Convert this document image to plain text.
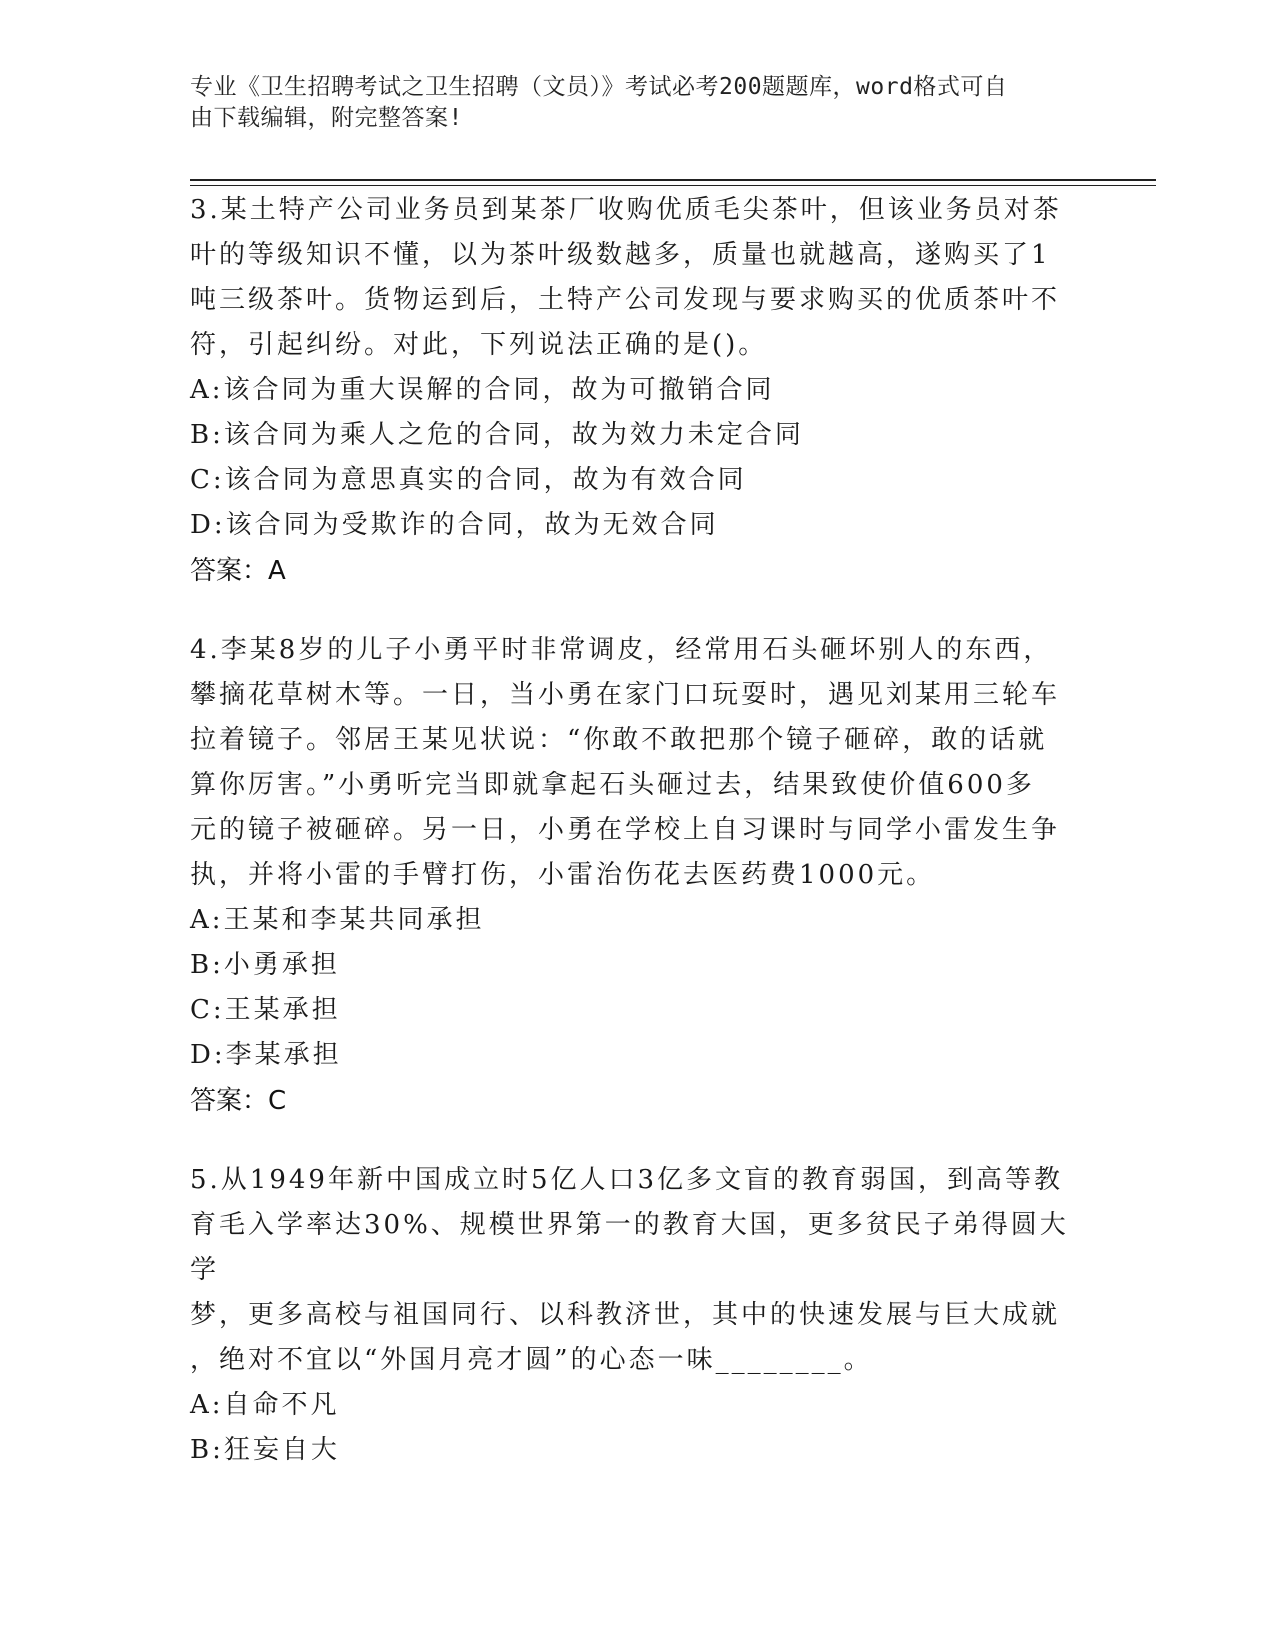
专业《卫生招聘考试之卫生招聘（文员）》考试必考200题题库，word格式可自
由下载编辑，附完整答案!

3.某土特产公司业务员到某茶厂收购优质毛尖茶叶，但该业务员对茶

叶的等级知识不懂，以为茶叶级数越多，质量也就越高，遂购买了1

吨三级茶叶。货物运到后，土特产公司发现与要求购买的优质茶叶不

符，引起纠纷。对此，下列说法正确的是()。

A:该合同为重大误解的合同，故为可撤销合同

B:该合同为乘人之危的合同，故为效力未定合同

C:该合同为意思真实的合同，故为有效合同

D:该合同为受欺诈的合同，故为无效合同

答案：A

4.李某8岁的儿子小勇平时非常调皮，经常用石头砸坏别人的东西，

攀摘花草树木等。一日，当小勇在家门口玩耍时，遇见刘某用三轮车

拉着镜子。邻居王某见状说：“你敢不敢把那个镜子砸碎，敢的话就

算你厉害。”小勇听完当即就拿起石头砸过去，结果致使价值600多

元的镜子被砸碎。另一日，小勇在学校上自习课时与同学小雷发生争

执，并将小雷的手臂打伤，小雷治伤花去医药费1000元。

A:王某和李某共同承担

B:小勇承担

C:王某承担

D:李某承担

答案：C

5.从1949年新中国成立时5亿人口3亿多文盲的教育弱国，到高等教

育毛入学率达30%、规模世界第一的教育大国，更多贫民子弟得圆大学

梦，更多高校与祖国同行、以科教济世，其中的快速发展与巨大成就

，绝对不宜以“外国月亮才圆”的心态一味________。

A:自命不凡

B:狂妄自大
